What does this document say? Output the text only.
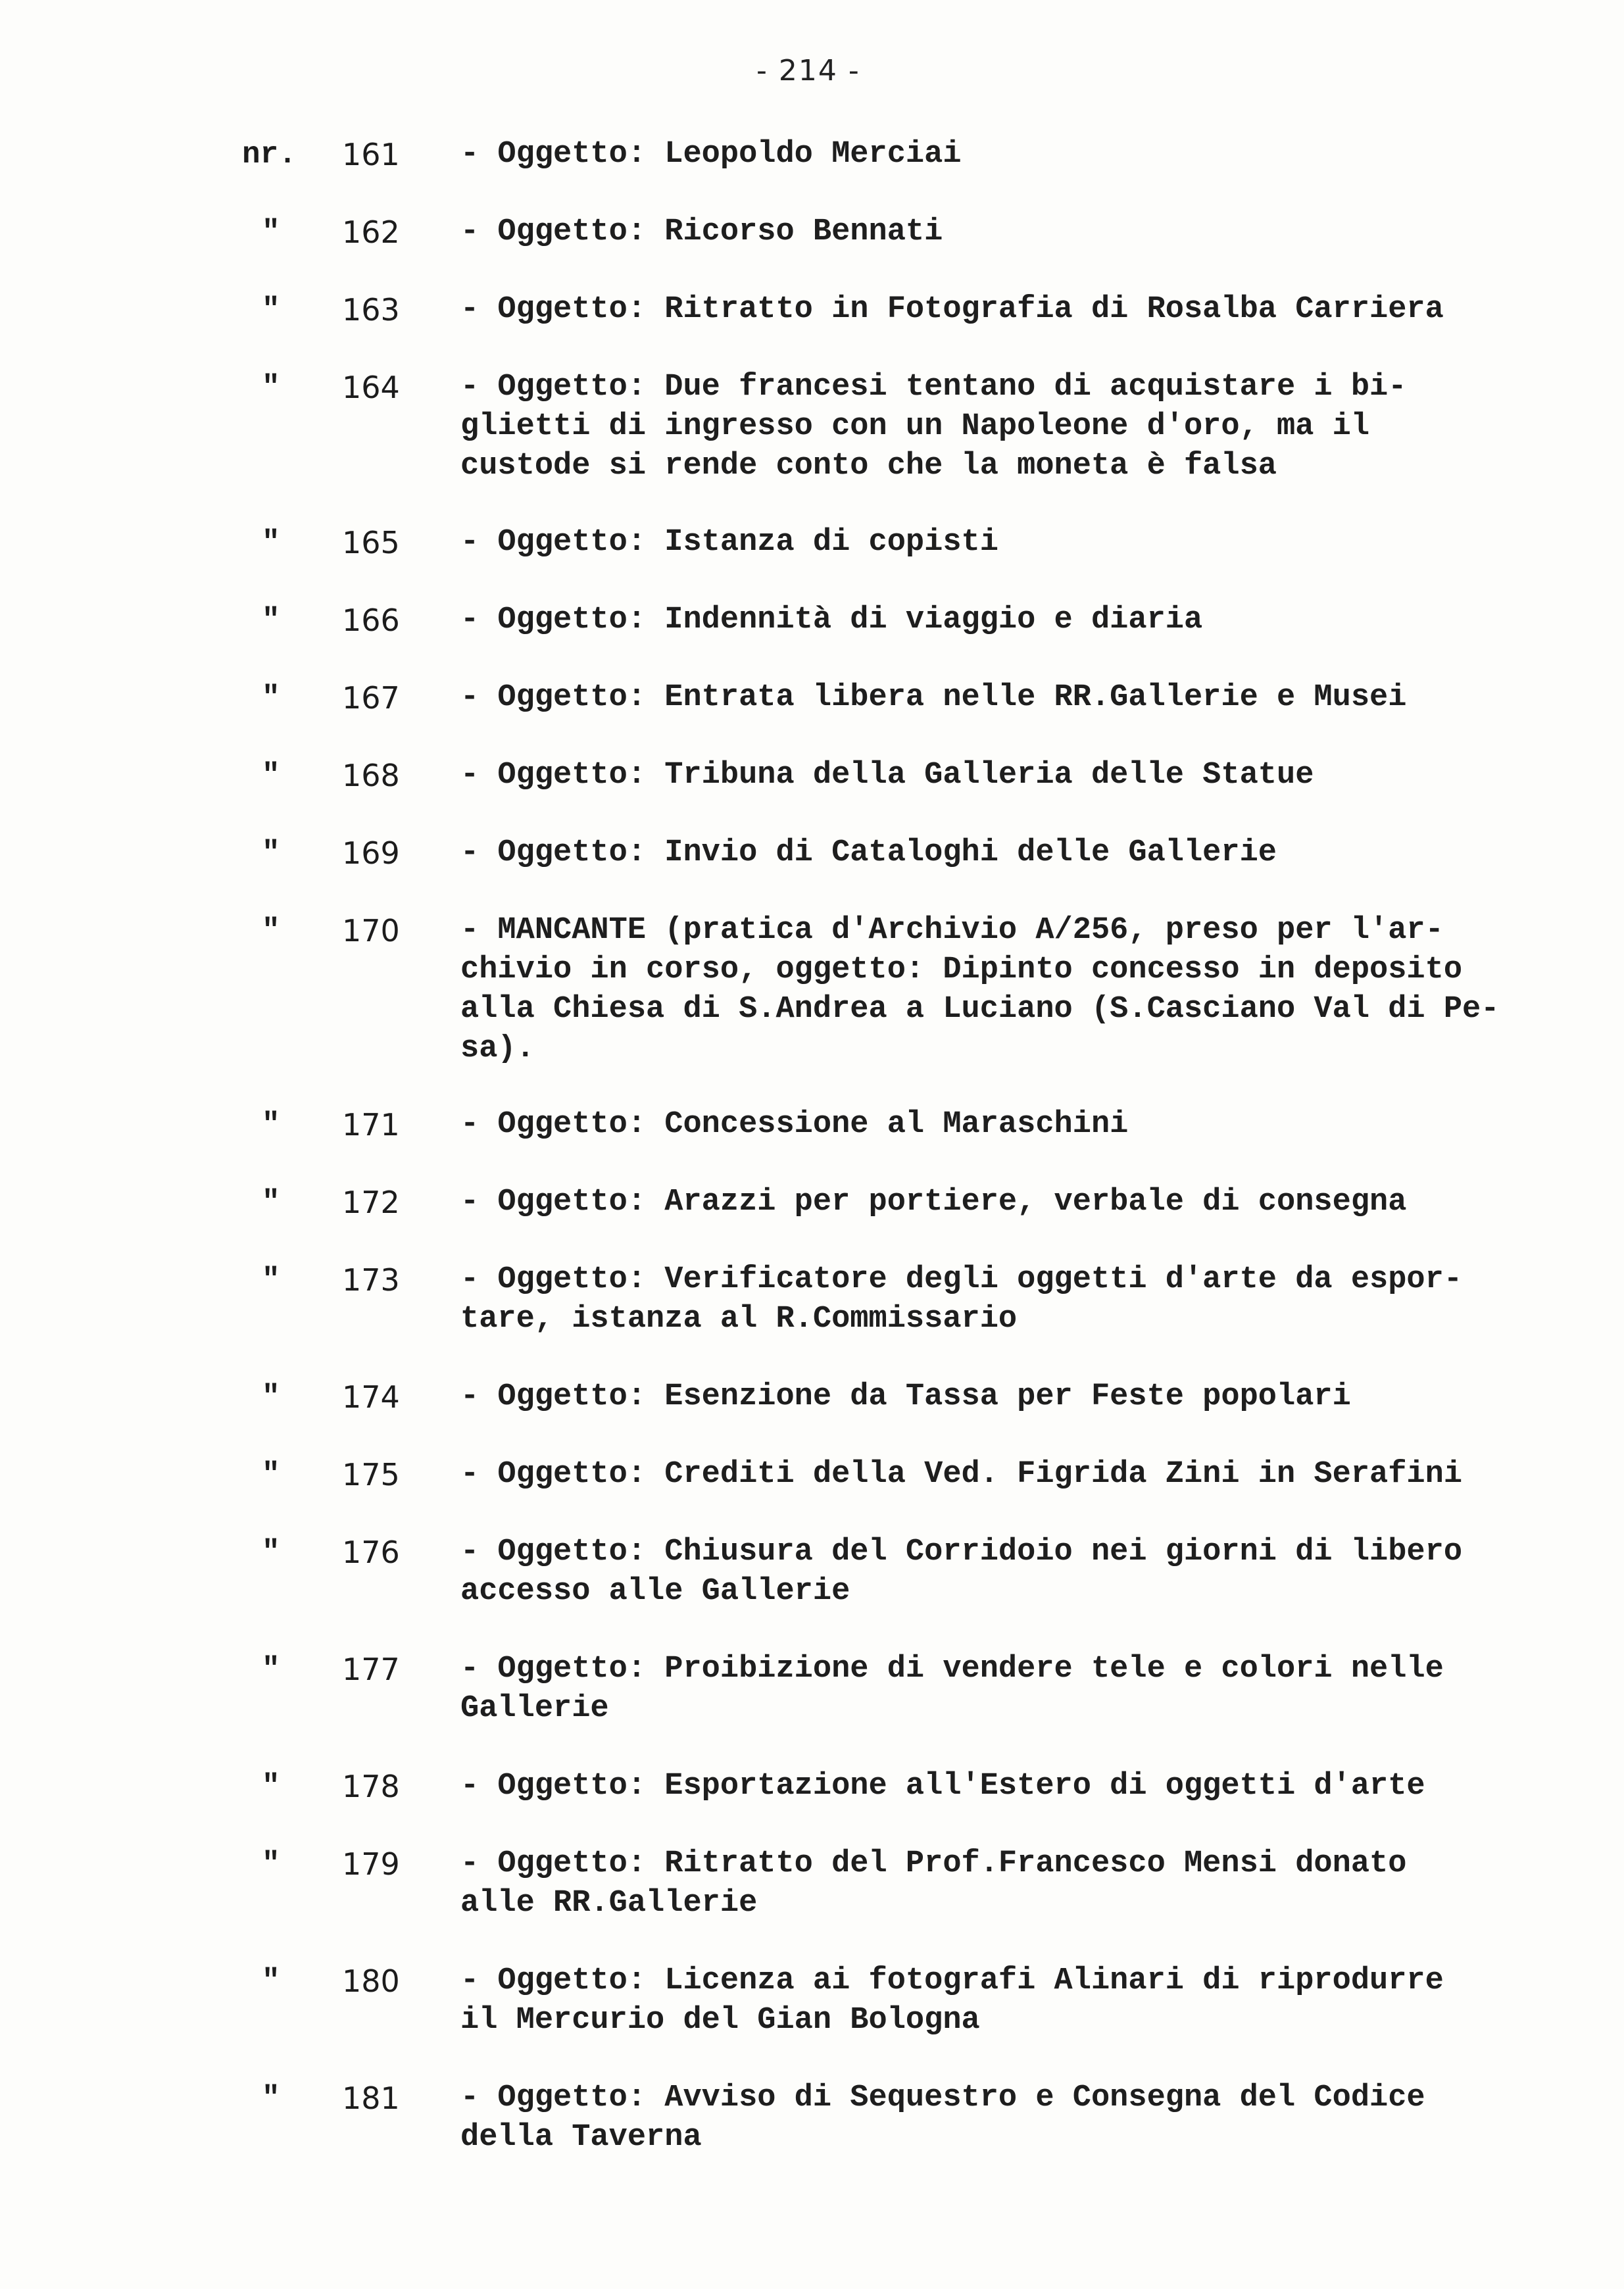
- 214 -
nr. 161 - Oggetto: Leopoldo Merciai
" 162 - Oggetto: Ricorso Bennati
" 163 - Oggetto: Ritratto in Fotografia di Rosalba Carriera
" 164 - Oggetto: Due francesi tentano di acquistare i bi-
glietti di ingresso con un Napoleone d'oro, ma il
custode si rende conto che la moneta è falsa
" 165 - Oggetto: Istanza di copisti
" 166 - Oggetto: Indennità di viaggio e diaria
" 167 - Oggetto: Entrata libera nelle RR.Gallerie e Musei
" 168 - Oggetto: Tribuna della Galleria delle Statue
" 169 - Oggetto: Invio di Cataloghi delle Gallerie
" 170 - MANCANTE (pratica d'Archivio A/256, preso per l'ar-
chivio in corso, oggetto: Dipinto concesso in deposito
alla Chiesa di S.Andrea a Luciano (S.Casciano Val di Pe-
sa).
" 171 - Oggetto: Concessione al Maraschini
" 172 - Oggetto: Arazzi per portiere, verbale di consegna
" 173 - Oggetto: Verificatore degli oggetti d'arte da espor-
tare, istanza al R.Commissario
" 174 - Oggetto: Esenzione da Tassa per Feste popolari
" 175 - Oggetto: Crediti della Ved. Figrida Zini in Serafini
" 176 - Oggetto: Chiusura del Corridoio nei giorni di libero
accesso alle Gallerie
" 177 - Oggetto: Proibizione di vendere tele e colori nelle
Gallerie
" 178 - Oggetto: Esportazione all'Estero di oggetti d'arte
" 179 - Oggetto: Ritratto del Prof.Francesco Mensi donato
alle RR.Gallerie
" 180 - Oggetto: Licenza ai fotografi Alinari di riprodurre
il Mercurio del Gian Bologna
" 181 - Oggetto: Avviso di Sequestro e Consegna del Codice
della Taverna
